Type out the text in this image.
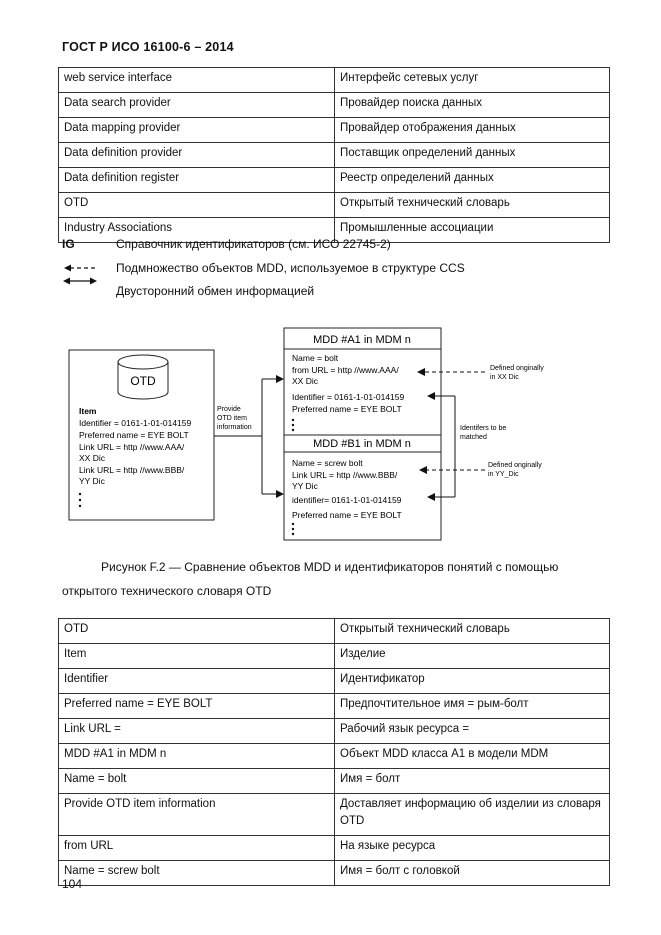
ГОСТ Р ИСО 16100-6 – 2014
web service interface	Интерфейс сетевых услуг
Data search provider	Провайдер поиска данных
Data mapping provider	Провайдер отображения данных
Data definition provider	Поставщик определений данных
Data definition register	Реестр определений данных
OTD	Открытый технический словарь
Industry Associations	Промышленные ассоциации
IG	Справочник идентификаторов (см. ИСО 22745-2)
Подмножество объектов MDD, используемое в структуре CCS
Двусторонний обмен информацией
OTD
Item
Identifier = 0161-1-01-014159
Preferred name = EYE BOLT
Link URL = http //www.AAA/
XX Dic
Link URL = http //www.BBB/
YY Dic
Provide
OTD item
information
MDD #A1 in MDM n
Name = bolt
from URL = http //www.AAA/
XX Dic
Identifier = 0161-1-01-014159
Preferred name = EYE BOLT
MDD #B1 in MDM n
Name = screw bolt
Link URL = http //www.BBB/
YY Dic
identifier= 0161-1-01-014159
Preferred name = EYE BOLT
Defined onginally
in XX Dic
Defined onginally
in YY_Dic
Identifers to be
matched
Рисунок F.2 — Сравнение объектов MDD и идентификаторов понятий с помощью
открытого технического словаря OTD
OTD	Открытый технический словарь
Item	Изделие
Identifier	Идентификатор
Preferred name = EYE BOLT	Предпочтительное имя = рым-болт
Link URL =	Рабочий язык ресурса =
MDD #A1 in MDM n	Объект MDD класса A1 в модели MDM
Name = bolt	Имя = болт
Provide OTD item information	Доставляет информацию об изделии из словаря OTD
from URL	На языке ресурса
Name = screw bolt	Имя = болт с головкой
104
